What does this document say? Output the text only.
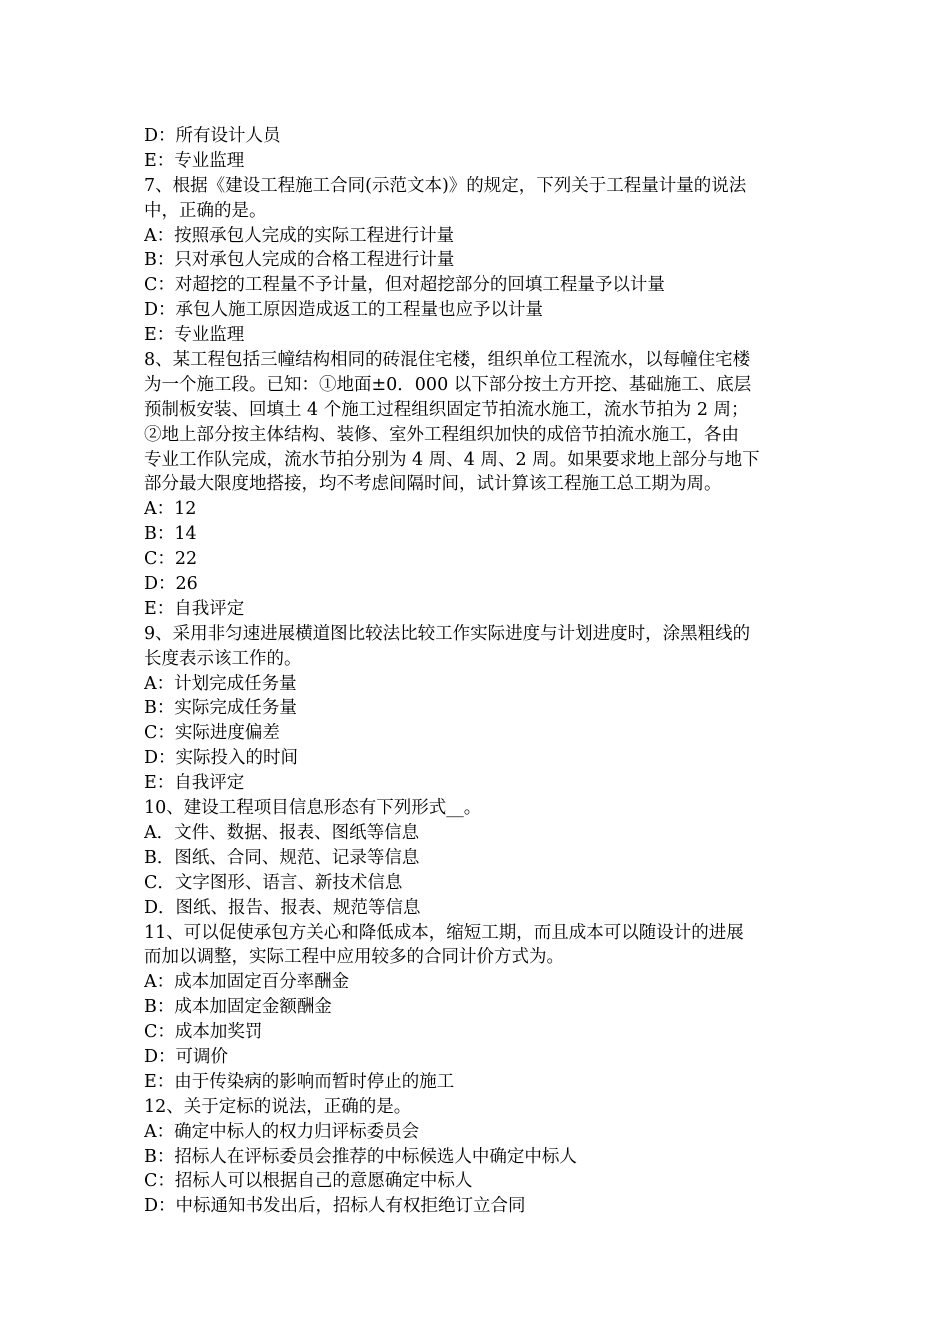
D：所有设计人员
E：专业监理
7、根据《建设工程施工合同(示范文本)》的规定，下列关于工程量计量的说法
中，正确的是。
A：按照承包人完成的实际工程进行计量
B：只对承包人完成的合格工程进行计量
C：对超挖的工程量不予计量，但对超挖部分的回填工程量予以计量
D：承包人施工原因造成返工的工程量也应予以计量
E：专业监理
8、某工程包括三幢结构相同的砖混住宅楼，组织单位工程流水，以每幢住宅楼
为一个施工段。已知：①地面±0．000 以下部分按土方开挖、基础施工、底层
预制板安装、回填土 4 个施工过程组织固定节拍流水施工，流水节拍为 2 周；
②地上部分按主体结构、装修、室外工程组织加快的成倍节拍流水施工，各由
专业工作队完成，流水节拍分别为 4 周、4 周、2 周。如果要求地上部分与地下
部分最大限度地搭接，均不考虑间隔时间，试计算该工程施工总工期为周。
A：12
B：14
C：22
D：26
E：自我评定
9、采用非匀速进展横道图比较法比较工作实际进度与计划进度时，涂黑粗线的
长度表示该工作的。
A：计划完成任务量
B：实际完成任务量
C：实际进度偏差
D：实际投入的时间
E：自我评定
10、建设工程项目信息形态有下列形式__。
A．文件、数据、报表、图纸等信息
B．图纸、合同、规范、记录等信息
C．文字图形、语言、新技术信息
D．图纸、报告、报表、规范等信息
11、可以促使承包方关心和降低成本，缩短工期，而且成本可以随设计的进展
而加以调整，实际工程中应用较多的合同计价方式为。
A：成本加固定百分率酬金
B：成本加固定金额酬金
C：成本加奖罚
D：可调价
E：由于传染病的影响而暂时停止的施工
12、关于定标的说法，正确的是。
A：确定中标人的权力归评标委员会
B：招标人在评标委员会推荐的中标候选人中确定中标人
C：招标人可以根据自己的意愿确定中标人
D：中标通知书发出后，招标人有权拒绝订立合同
